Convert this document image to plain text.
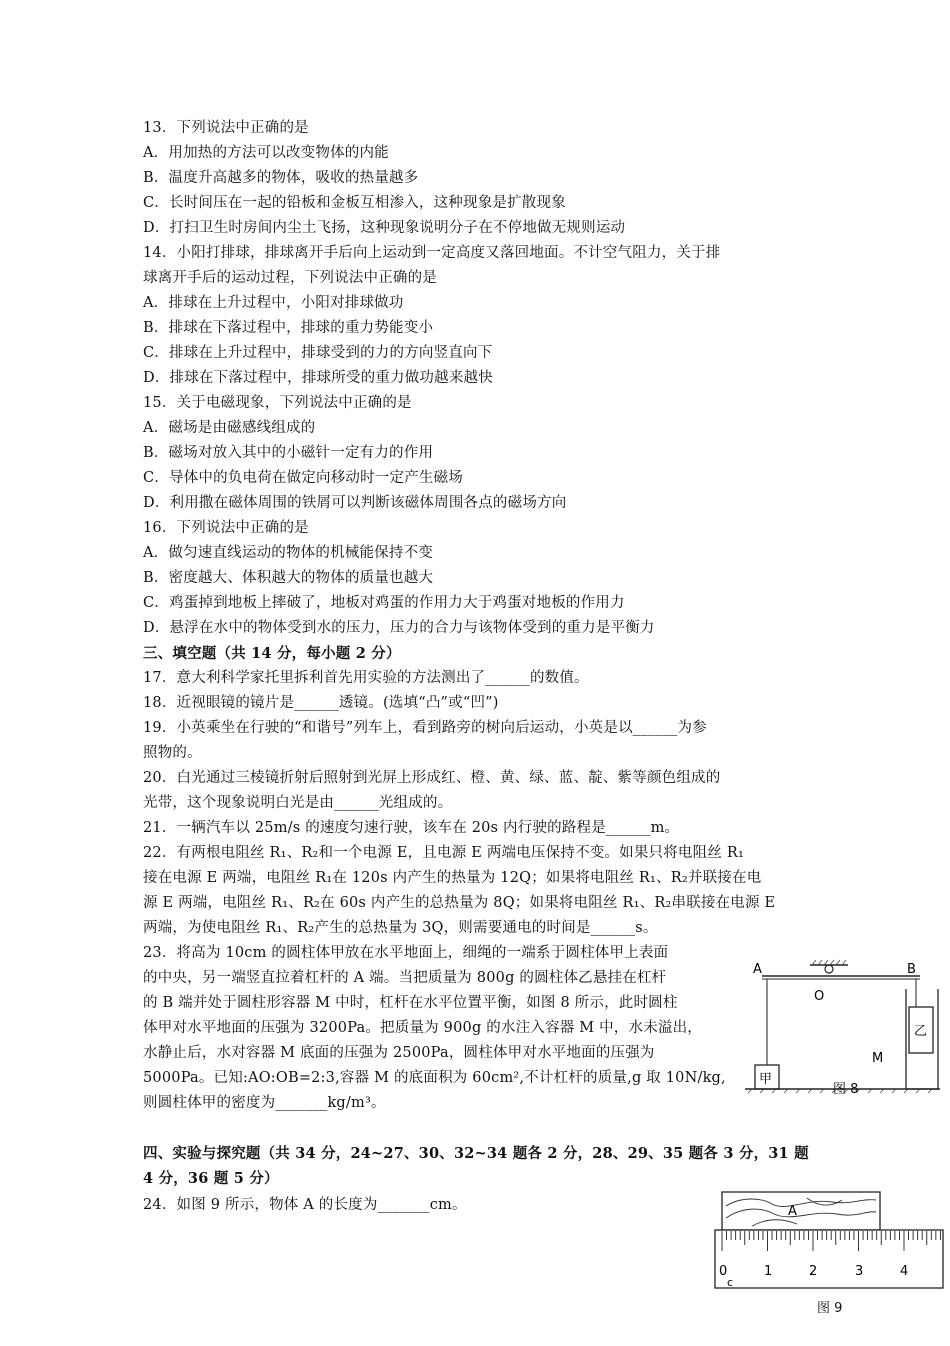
13．下列说法中正确的是
A．用加热的方法可以改变物体的内能
B．温度升高越多的物体，吸收的热量越多
C．长时间压在一起的铅板和金板互相渗入，这种现象是扩散现象
D．打扫卫生时房间内尘土飞扬，这种现象说明分子在不停地做无规则运动
14．小阳打排球，排球离开手后向上运动到一定高度又落回地面。不计空气阻力，关于排
球离开手后的运动过程，下列说法中正确的是
A．排球在上升过程中，小阳对排球做功
B．排球在下落过程中，排球的重力势能变小
C．排球在上升过程中，排球受到的力的方向竖直向下
D．排球在下落过程中，排球所受的重力做功越来越快
15．关于电磁现象，下列说法中正确的是
A．磁场是由磁感线组成的
B．磁场对放入其中的小磁针一定有力的作用
C．导体中的负电荷在做定向移动时一定产生磁场
D．利用撒在磁体周围的铁屑可以判断该磁体周围各点的磁场方向
16．下列说法中正确的是
A．做匀速直线运动的物体的机械能保持不变
B．密度越大、体积越大的物体的质量也越大
C．鸡蛋掉到地板上摔破了，地板对鸡蛋的作用力大于鸡蛋对地板的作用力
D．悬浮在水中的物体受到水的压力，压力的合力与该物体受到的重力是平衡力
三、填空题（共 14 分，每小题 2 分）
17．意大利科学家托里拆利首先用实验的方法测出了______的数值。
18．近视眼镜的镜片是______透镜。(选填“凸”或“凹”)
19．小英乘坐在行驶的“和谐号”列车上，看到路旁的树向后运动，小英是以______为参
照物的。
20．白光通过三棱镜折射后照射到光屏上形成红、橙、黄、绿、蓝、靛、紫等颜色组成的
光带，这个现象说明白光是由______光组成的。
21．一辆汽车以 25m/s 的速度匀速行驶，该车在 20s 内行驶的路程是______m。
22．有两根电阻丝 R₁、R₂和一个电源 E，且电源 E 两端电压保持不变。如果只将电阻丝 R₁
接在电源 E 两端，电阻丝 R₁在 120s 内产生的热量为 12Q；如果将电阻丝 R₁、R₂并联接在电
源 E 两端，电阻丝 R₁、R₂在 60s 内产生的总热量为 8Q；如果将电阻丝 R₁、R₂串联接在电源 E
两端，为使电阻丝 R₁、R₂产生的总热量为 3Q，则需要通电的时间是______s。
23．将高为 10cm 的圆柱体甲放在水平地面上，细绳的一端系于圆柱体甲上表面
的中央，另一端竖直拉着杠杆的 A 端。当把质量为 800g 的圆柱体乙悬挂在杠杆
的 B 端并处于圆柱形容器 M 中时，杠杆在水平位置平衡，如图 8 所示，此时圆柱
体甲对水平地面的压强为 3200Pa。把质量为 900g 的水注入容器 M 中，水未溢出，
水静止后，水对容器 M 底面的压强为 2500Pa，圆柱体甲对水平地面的压强为
5000Pa。已知:AO:OB=2:3,容器 M 的底面积为 60cm²,不计杠杆的质量,g 取 10N/kg,
则圆柱体甲的密度为_______kg/m³。
四、实验与探究题（共 34 分，24~27、30、32~34 题各 2 分，28、29、35 题各 3 分，31 题
4 分，36 题 5 分）
24．如图 9 所示，物体 A 的长度为_______cm。
A	B
O
甲
乙
M
图 8
A
0	1	2	3	4
c
图 9
